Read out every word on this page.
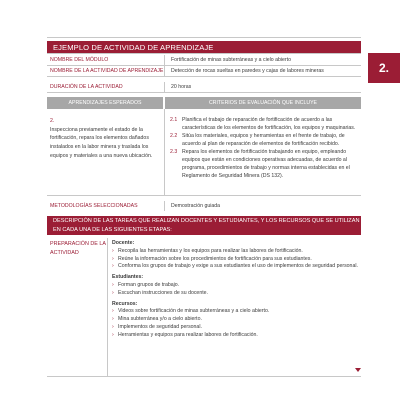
2.
EJEMPLO DE ACTIVIDAD DE APRENDIZAJE
NOMBRE DEL MÓDULO	Fortificación de minas subterráneas y a cielo abierto
NOMBRE DE LA ACTIVIDAD DE APRENDIZAJE	Detección de rocas sueltas en paredes y cajas de labores mineras
DURACIÓN DE LA ACTIVIDAD	20 horas
APRENDIZAJES ESPERADOS	CRITERIOS DE EVALUACIÓN QUE INCLUYE
2.
Inspecciona previamente el estado de la fortificación, repara los elementos dañados instalados en la labor minera y traslada los equipos y materiales a una nueva ubicación.
2.1 Planifica el trabajo de reparación de fortificación de acuerdo a las características de los elementos de fortificación, los equipos y maquinarias.
2.2 Sitúa los materiales, equipos y herramientas en el frente de trabajo, de acuerdo al plan de reparación de elementos de fortificación recibido.
2.3 Repara los elementos de fortificación trabajando en equipo, empleando equipos que están en condiciones operativas adecuadas, de acuerdo al programa, procedimientos de trabajo y normas interna establecidas en el Reglamento de Seguridad Minera (DS 132).
METODOLOGÍAS SELECCIONADAS	Demostración guiada
DESCRIPCIÓN DE LAS TAREAS QUE REALIZAN DOCENTES Y ESTUDIANTES, Y LOS RECURSOS QUE SE UTILIZAN EN CADA UNA DE LAS SIGUIENTES ETAPAS:
PREPARACIÓN DE LA ACTIVIDAD
Docente:
› Recopila las herramientas y los equipos para realizar las labores de fortificación.
› Reúne la información sobre los procedimientos de fortificación para sus estudiantes.
› Conforma los grupos de trabajo y exige a sus estudiantes el uso de implementos de seguridad personal.
Estudiantes:
› Forman grupos de trabajo.
› Escuchan instrucciones de su docente.
Recursos:
› Videos sobre fortificación de minas subterráneas y a cielo abierto.
› Mina subterránea y/o a cielo abierto.
› Implementos de seguridad personal.
› Herramientas y equipos para realizar labores de fortificación.
